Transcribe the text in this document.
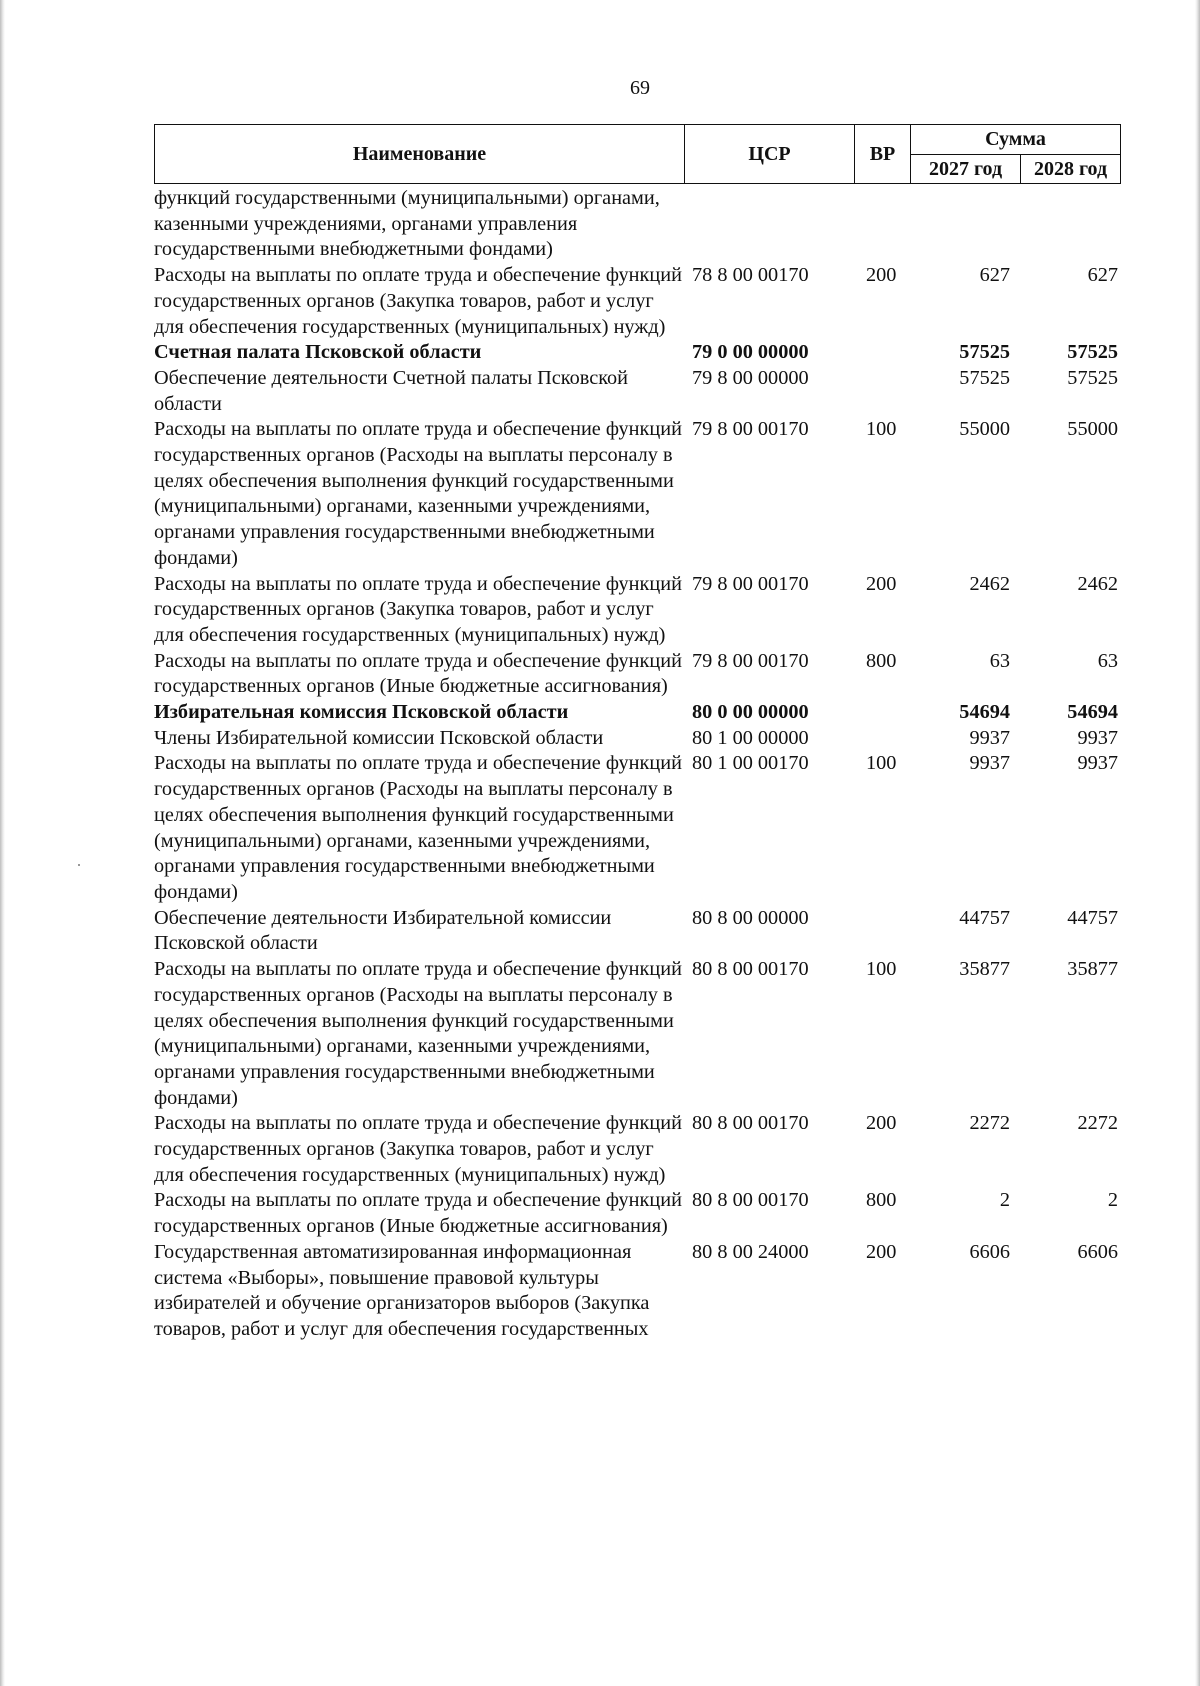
69
Наименование	ЦСР	ВР	Сумма	
			2027 год	2028 год
функций государственными (муниципальными) органами, казенными учреждениями, органами управления государственными внебюджетными фондами)				
Расходы на выплаты по оплате труда и обеспечение функций государственных органов (Закупка товаров, работ и услуг для обеспечения государственных (муниципальных) нужд)	78 8 00 00170	200	627	627
Счетная палата Псковской области	79 0 00 00000		57525	57525
Обеспечение деятельности Счетной палаты Псковской области	79 8 00 00000		57525	57525
Расходы на выплаты по оплате труда и обеспечение функций государственных органов (Расходы на выплаты персоналу в целях обеспечения выполнения функций государственными (муниципальными) органами, казенными учреждениями, органами управления государственными внебюджетными фондами)	79 8 00 00170	100	55000	55000
Расходы на выплаты по оплате труда и обеспечение функций государственных органов (Закупка товаров, работ и услуг для обеспечения государственных (муниципальных) нужд)	79 8 00 00170	200	2462	2462
Расходы на выплаты по оплате труда и обеспечение функций государственных органов (Иные бюджетные ассигнования)	79 8 00 00170	800	63	63
Избирательная комиссия Псковской области	80 0 00 00000		54694	54694
Члены Избирательной комиссии Псковской области	80 1 00 00000		9937	9937
Расходы на выплаты по оплате труда и обеспечение функций государственных органов (Расходы на выплаты персоналу в целях обеспечения выполнения функций государственными (муниципальными) органами, казенными учреждениями, органами управления государственными внебюджетными фондами)	80 1 00 00170	100	9937	9937
Обеспечение деятельности Избирательной комиссии Псковской области	80 8 00 00000		44757	44757
Расходы на выплаты по оплате труда и обеспечение функций государственных органов (Расходы на выплаты персоналу в целях обеспечения выполнения функций государственными (муниципальными) органами, казенными учреждениями, органами управления государственными внебюджетными фондами)	80 8 00 00170	100	35877	35877
Расходы на выплаты по оплате труда и обеспечение функций государственных органов (Закупка товаров, работ и услуг для обеспечения государственных (муниципальных) нужд)	80 8 00 00170	200	2272	2272
Расходы на выплаты по оплате труда и обеспечение функций государственных органов (Иные бюджетные ассигнования)	80 8 00 00170	800	2	2
Государственная автоматизированная информационная система «Выборы», повышение правовой культуры избирателей и обучение организаторов выборов (Закупка товаров, работ и услуг для обеспечения государственных	80 8 00 24000	200	6606	6606
